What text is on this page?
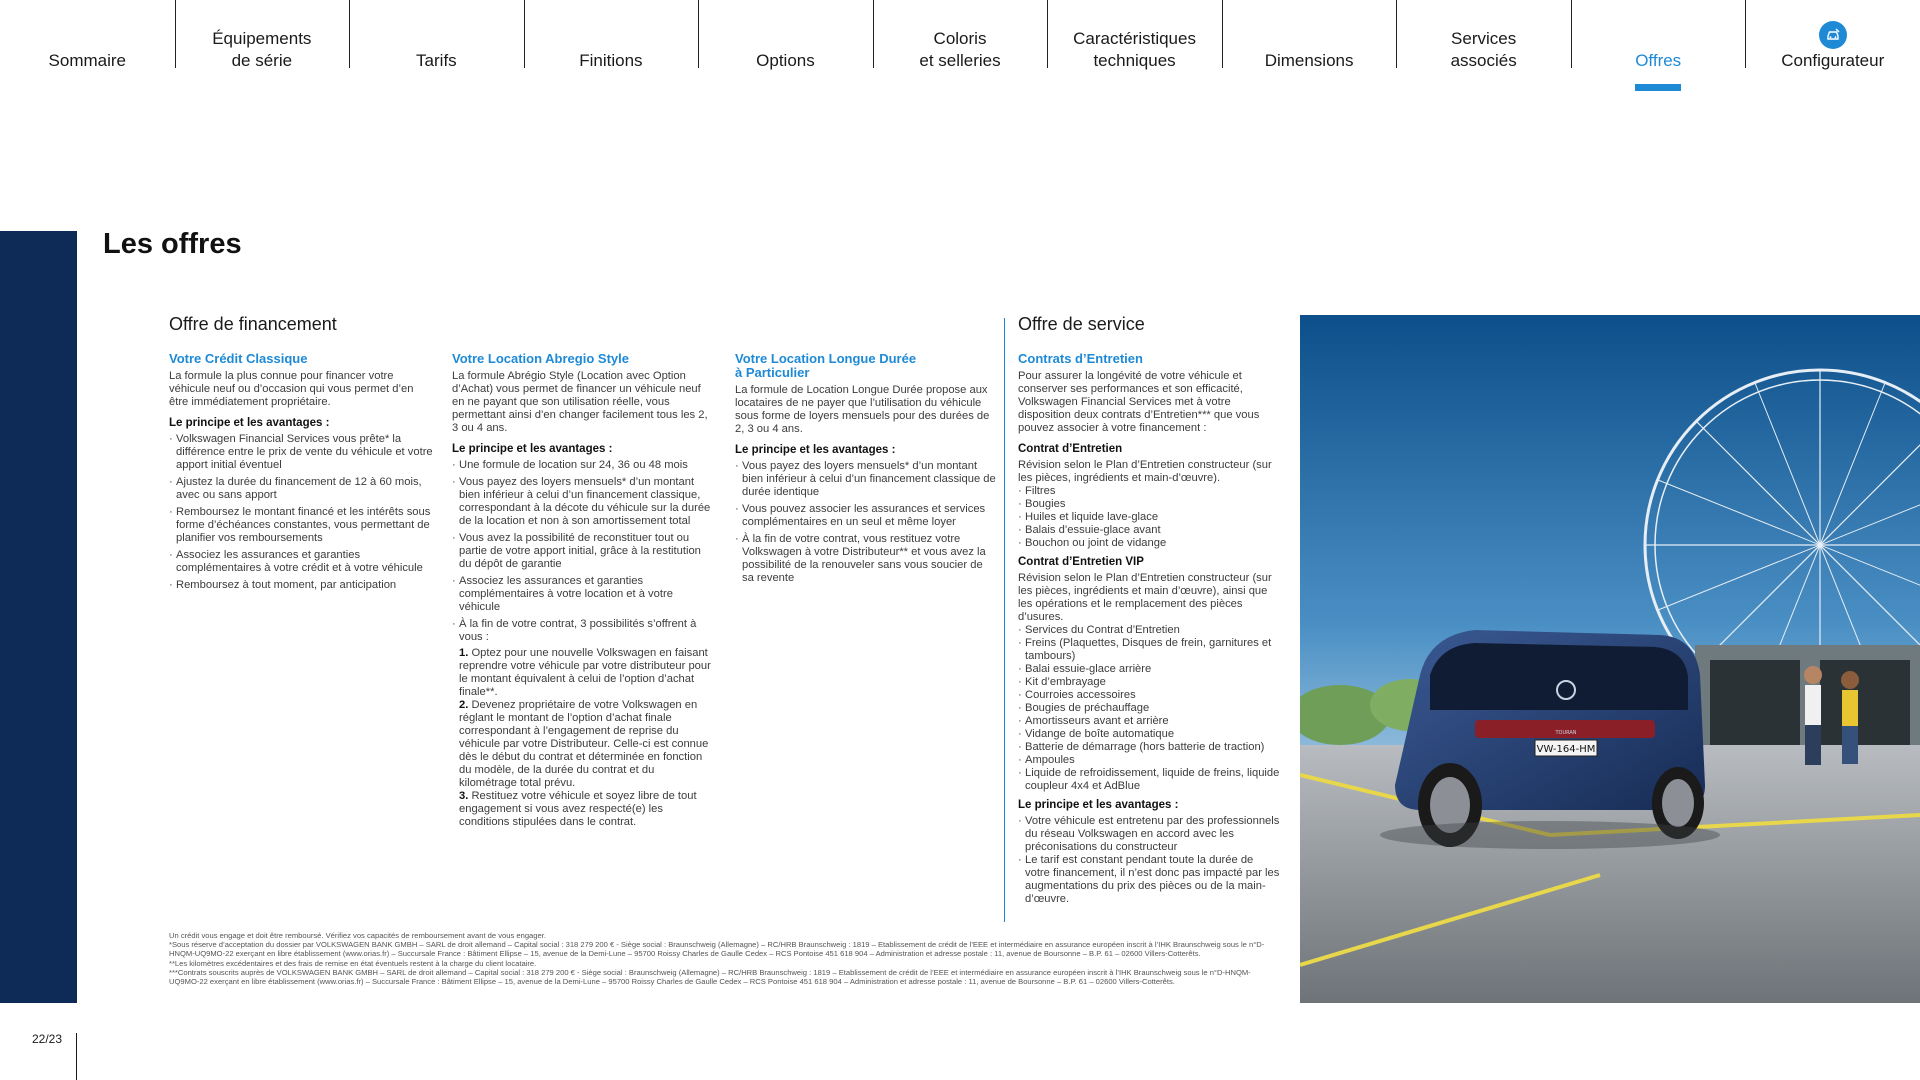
Sommaire
Équipements
de série	Tarifs	Finitions	Options
Coloris
et selleries
Caractéristiques
techniques	Dimensions
Services
associés	Offres	Configurateur
Les offres
Offre de financement
Votre Crédit Classique

La formule la plus connue pour financer votre véhicule neuf ou d’occasion qui vous permet d’en être immédiatement propriétaire.

Le principe et les avantages :
· Volkswagen Financial Services vous prête* la différence entre le prix de vente du véhicule et votre apport initial éventuel
· Ajustez la durée du financement de 12 à 60 mois, avec ou sans apport
· Remboursez le montant financé et les intérêts sous forme d’échéances constantes, vous permettant de planifier vos remboursements
· Associez les assurances et garanties complémentaires à votre crédit et à votre véhicule
· Remboursez à tout moment, par anticipation
Votre Location Abregio Style

La formule Abrégio Style (Location avec Option d’Achat) vous permet de financer un véhicule neuf en ne payant que son utilisation réelle, vous permettant ainsi d’en changer facilement tous les 2, 3 ou 4 ans.

Le principe et les avantages :
· Une formule de location sur 24, 36 ou 48 mois
· Vous payez des loyers mensuels* d’un montant bien inférieur à celui d’un financement classique, correspondant à la décote du véhicule sur la durée de la location et non à son amortissement total
· Vous avez la possibilité de reconstituer tout ou partie de votre apport initial, grâce à la restitution du dépôt de garantie
· Associez les assurances et garanties complémentaires à votre location et à votre véhicule
· À la fin de votre contrat, 3 possibilités s’offrent à vous :
1. Optez pour une nouvelle Volkswagen en faisant reprendre votre véhicule par votre distributeur pour le montant équivalent à celui de l’option d’achat finale**.
2. Devenez propriétaire de votre Volkswagen en réglant le montant de l’option d’achat finale correspondant à l’engagement de reprise du véhicule par votre Distributeur. Celle-ci est connue dès le début du contrat et déterminée en fonction du modèle, de la durée du contrat et du kilométrage total prévu.
3. Restituez votre véhicule et soyez libre de tout engagement si vous avez respecté(e) les conditions stipulées dans le contrat.
Votre Location Longue Durée
à Particulier

La formule de Location Longue Durée propose aux locataires de ne payer que l’utilisation du véhicule sous forme de loyers mensuels pour des durées de 2, 3 ou 4 ans.

Le principe et les avantages :
· Vous payez des loyers mensuels* d’un montant bien inférieur à celui d’un financement classique de durée identique
· Vous pouvez associer les assurances et services complémentaires en un seul et même loyer
· À la fin de votre contrat, vous restituez votre Volkswagen à votre Distributeur** et vous avez la possibilité de la renouveler sans vous soucier de sa revente
Offre de service
Contrats d’Entretien

Pour assurer la longévité de votre véhicule et conserver ses performances et son efficacité, Volkswagen Financial Services met à votre disposition deux contrats d’Entretien*** que vous pouvez associer à votre financement :

Contrat d’Entretien
Révision selon le Plan d’Entretien constructeur (sur les pièces, ingrédients et main-d’œuvre).
· Filtres
· Bougies
· Huiles et liquide lave-glace
· Balais d’essuie-glace avant
· Bouchon ou joint de vidange
Contrat d’Entretien VIP
Révision selon le Plan d’Entretien constructeur (sur les pièces, ingrédients et main d’œuvre), ainsi que les opérations et le remplacement des pièces d’usures.
· Services du Contrat d’Entretien
· Freins (Plaquettes, Disques de frein, garnitures et tambours)
· Balai essuie-glace arrière
· Kit d’embrayage
· Courroies accessoires
· Bougies de préchauffage
· Amortisseurs avant et arrière
· Vidange de boîte automatique
· Batterie de démarrage (hors batterie de traction)
· Ampoules
· Liquide de refroidissement, liquide de freins, liquide coupleur 4x4 et AdBlue
Le principe et les avantages :
· Votre véhicule est entretenu par des professionnels du réseau Volkswagen en accord avec les préconisations du constructeur
· Le tarif est constant pendant toute la durée de votre financement, il n’est donc pas impacté par les augmentations du prix des pièces ou de la main-d’œuvre.
Un crédit vous engage et doit être remboursé. Vérifiez vos capacités de remboursement avant de vous engager.
*Sous réserve d’acceptation du dossier par VOLKSWAGEN BANK GMBH – SARL de droit allemand – Capital social : 318 279 200 € - Siège social : Braunschweig (Allemagne) – RC/HRB Braunschweig : 1819 – Etablissement de crédit de l’EEE et intermédiaire en assurance européen inscrit à l’IHK Braunschweig sous le n°D-HNQM-UQ9MO-22 exerçant en libre établissement (www.orias.fr) – Succursale France : Bâtiment Ellipse – 15, avenue de la Demi-Lune – 95700 Roissy Charles de Gaulle Cedex – RCS Pontoise 451 618 904 – Administration et adresse postale : 11, avenue de Boursonne – B.P. 61 – 02600 Villers-Cotterêts.
**Les kilomètres excédentaires et des frais de remise en état éventuels restent à la charge du client locataire.
***Contrats souscrits auprès de VOLKSWAGEN BANK GMBH – SARL de droit allemand – Capital social : 318 279 200 € - Siège social : Braunschweig (Allemagne) – RC/HRB Braunschweig : 1819 – Etablissement de crédit de l’EEE et intermédiaire en assurance européen inscrit à l’IHK Braunschweig sous le n°D-HNQM-UQ9MO-22 exerçant en libre établissement (www.orias.fr) – Succursale France : Bâtiment Ellipse – 15, avenue de la Demi-Lune – 95700 Roissy Charles de Gaulle Cedex – RCS Pontoise 451 618 904 – Administration et adresse postale : 11, avenue de Boursonne – B.P. 61 – 02600 Villers-Cotterêts.
VW-164-HM
TOURAN
22/23
